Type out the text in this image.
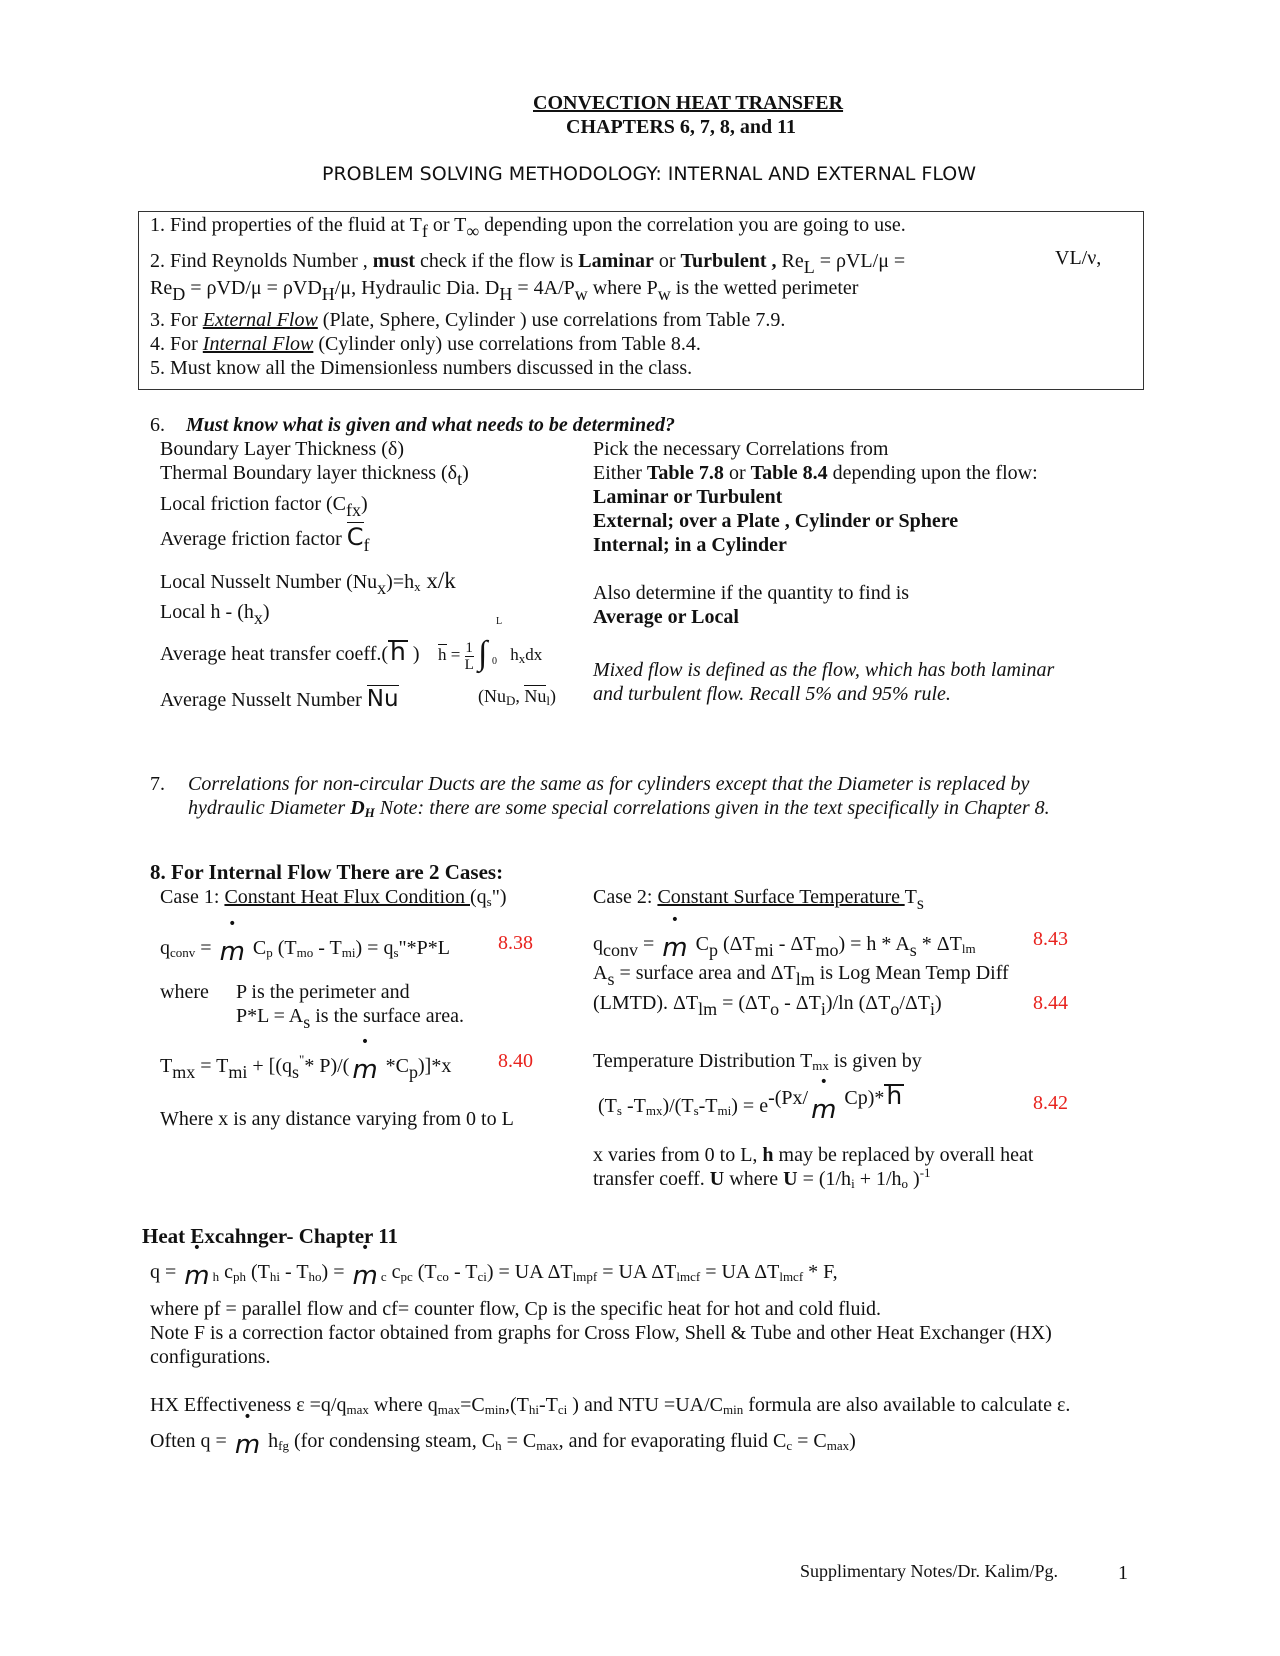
CONVECTION HEAT TRANSFER
CHAPTERS 6, 7, 8, and 11
PROBLEM SOLVING METHODOLOGY: INTERNAL AND EXTERNAL FLOW
1. Find properties of the fluid at $T_f$ or $T_\infty$ depending upon the correlation you are going to use.
2. Find Reynolds Number , must check if the flow is Laminar or Turbulent , $Re_L = \rho VL/\mu$ =	VL/ν,
$Re_D = \rho VD/\mu = \rho VD_H/\mu$, Hydraulic Dia. $D_H = 4A/P_w$ where $P_w$ is the wetted perimeter
3. For External Flow (Plate, Sphere, Cylinder ) use correlations from Table 7.9.
4. For Internal Flow (Cylinder only) use correlations from Table 8.4.
5. Must know all the Dimensionless numbers discussed in the class.
6. Must know what is given and what needs to be determined?
Boundary Layer Thickness (δ)
Thermal Boundary layer thickness $(\delta_t)$
Local friction factor $(C_{fx})$
Average friction factor $C_f$
Local Nusselt Number $(Nu_x)=h_x$ x/k
Local h - $(h_x)$
Average heat transfer coeff.(h ) $h = \frac{1}{L}$

L
∫ 0 $h_xdx$
Average Nusselt Number Nu	($Nu_D$, $Nu_l$)
Pick the necessary Correlations from
Either Table 7.8 or Table 8.4 depending upon the flow:
Laminar or Turbulent
External; over a Plate , Cylinder or Sphere
Internal; in a Cylinder
Also determine if the quantity to find is
Average or Local
Mixed flow is defined as the flow, which has both laminar
and turbulent flow. Recall 5% and 95% rule.
7. Correlations for non-circular Ducts are the same as for cylinders except that the Diameter is replaced by
hydraulic Diameter $D_H$ Note: there are some special correlations given in the text specifically in Chapter 8.
8. For Internal Flow There are 2 Cases:
Case 1: Constant Heat Flux Condition $(q_s")$
$q_{conv}$ = • m $C_p$ $(T_{mo} - T_{mi})$ = $q_s"*P*L$ 8.38
where P is the perimeter and
$P*L = A_s$ is the surface area.
$T_{mx} = T_{mi} + [(q_s^"*$ P)/(• m $*C_p)]*x$ 8.40
Where x is any distance varying from 0 to L
Case 2: Constant Surface Temperature $T_s$
$q_{conv}$ = • m $C_p$ $(\Delta T_{mi} - \Delta T_{mo}) = h * A_s * \Delta T_{lm}$	8.43
$A_s$ = surface area and $\Delta T_{lm}$ is Log Mean Temp Diff
(LMTD). $\Delta T_{lm} = (\Delta T_o - \Delta T_i)/\ln$ $(\Delta T_o/\Delta T_i)$	8.44
Temperature Distribution $T_{mx}$ is given by
($T_s$ $-T_{mx})/(T_s-T_{mi})$ = e-(Px/• m Cp)*h	8.42
x varies from 0 to L, h may be replaced by overall heat
transfer coeff. U where $U = (1/h_i + 1/h_o$ )$^{-1}$
Heat Excahnger- Chapter 11
q = • m $_h$ $c_{ph}$ $(T_{hi} - T_{ho})$ = • m $_c$ $c_{pc}$ $(T_{co} - T_{ci})$ = UA $\Delta T_{lmpf}$ = UA $\Delta T_{lmcf}$ = UA $\Delta T_{lmcf}$ * F,
where pf = parallel flow and cf= counter flow, Cp is the specific heat for hot and cold fluid.
Note F is a correction factor obtained from graphs for Cross Flow, Shell & Tube and other Heat Exchanger (HX)
configurations.
HX Effectiveness $\varepsilon =q/q_{max}$ where $q_{max}=C_{min},(T_{hi}-T_{ci}$ ) and NTU $=UA/C_{min}$ formula are also available to calculate ε.
Often q = • m $h_{fg}$ (for condensing steam, $C_h = C_{max}$, and for evaporating fluid $C_c = C_{max}$)
Supplimentary Notes/Dr. Kalim/Pg.	1
